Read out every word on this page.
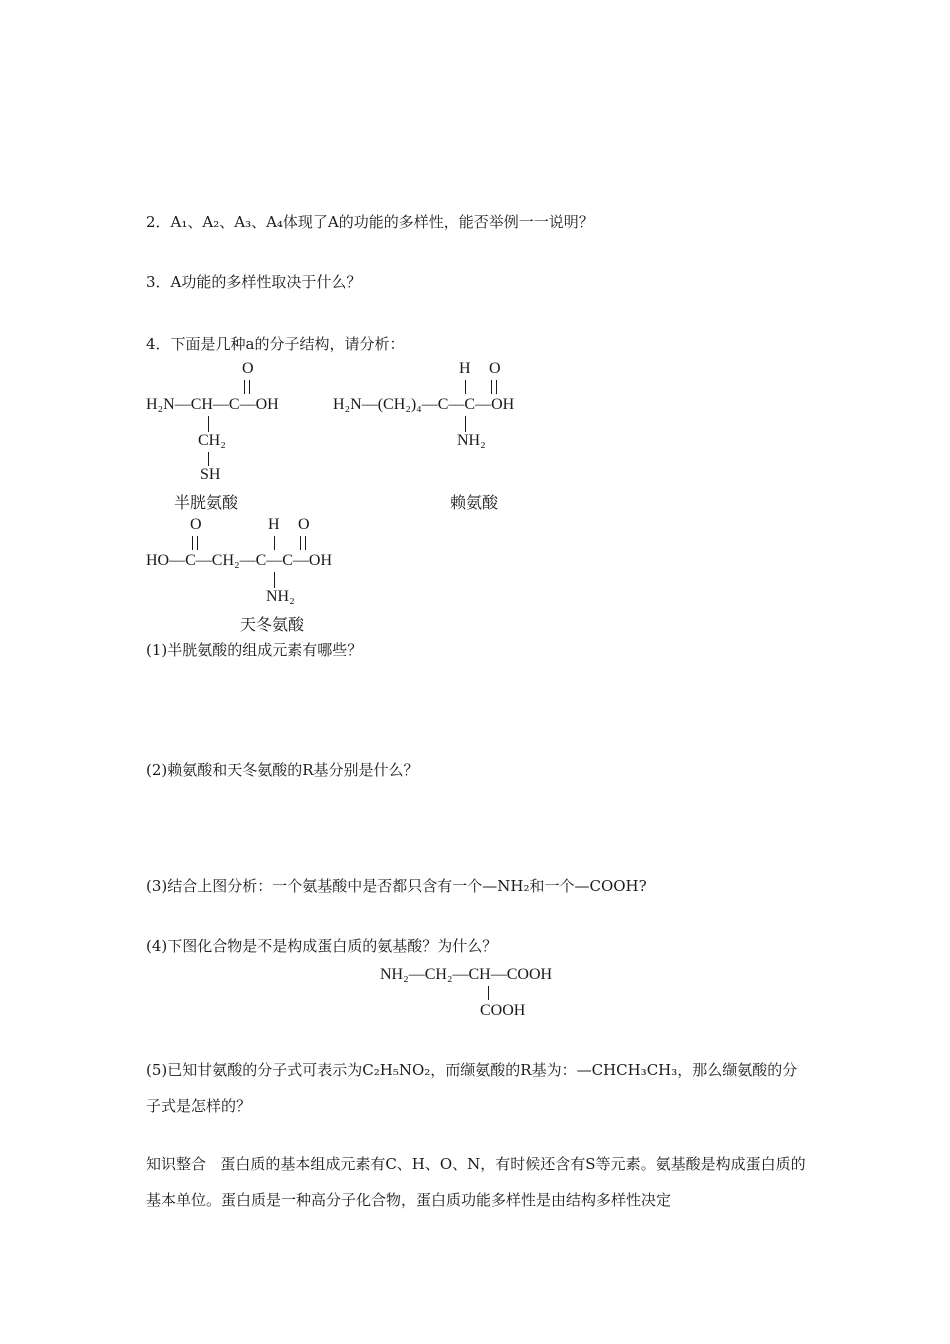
2．A₁、A₂、A₃、A₄体现了A的功能的多样性，能否举例一一说明？
3．A功能的多样性取决于什么？
4．下面是几种a的分子结构，请分析：
O
H₂N—CH—C—OH
CH₂
SH
半胱氨酸
H O
H₂N—(CH₂)₄—C—C—OH
NH₂
赖氨酸
O	H O
HO—C—CH₂—C—C—OH
NH₂
天冬氨酸
(1)半胱氨酸的组成元素有哪些？
(2)赖氨酸和天冬氨酸的R基分别是什么？
(3)结合上图分析：一个氨基酸中是否都只含有一个—NH₂和一个—COOH?
(4)下图化合物是不是构成蛋白质的氨基酸？为什么？
NH₂—CH₂—CH—COOH
COOH
(5)已知甘氨酸的分子式可表示为C₂H₅NO₂，而缬氨酸的R基为：—CHCH₃CH₃，那么缬氨酸的分子式是怎样的？
知识整合 蛋白质的基本组成元素有C、H、O、N，有时候还含有S等元素。氨基酸是构成蛋白质的基本单位。蛋白质是一种高分子化合物，蛋白质功能多样性是由结构多样性决定
